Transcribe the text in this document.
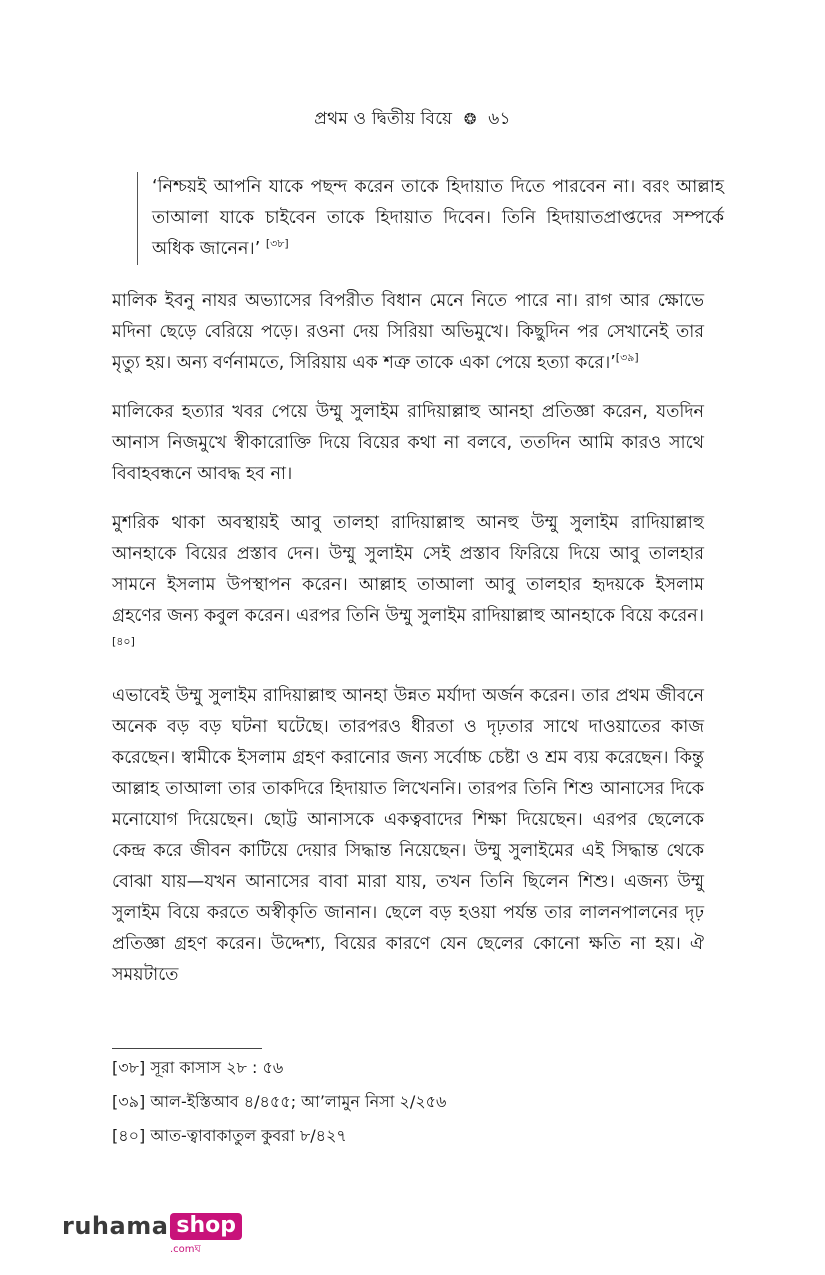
প্রথম ও দ্বিতীয় বিয়ে ❂ ৬১
‘নিশ্চয়ই আপনি যাকে পছন্দ করেন তাকে হিদায়াত দিতে পারবেন না। বরং আল্লাহ তাআলা যাকে চাইবেন তাকে হিদায়াত দিবেন। তিনি হিদায়াতপ্রাপ্তদের সম্পর্কে অধিক জানেন।’ [৩৮]

মালিক ইবনু নাযর অভ্যাসের বিপরীত বিধান মেনে নিতে পারে না। রাগ আর ক্ষোভে মদিনা ছেড়ে বেরিয়ে পড়ে। রওনা দেয় সিরিয়া অভিমুখে। কিছুদিন পর সেখানেই তার মৃত্যু হয়। অন্য বর্ণনামতে, সিরিয়ায় এক শত্রু তাকে একা পেয়ে হত্যা করে।’[৩৯]

মালিকের হত্যার খবর পেয়ে উম্মু সুলাইম রাদিয়াল্লাহু আনহা প্রতিজ্ঞা করেন, যতদিন আনাস নিজমুখে স্বীকারোক্তি দিয়ে বিয়ের কথা না বলবে, ততদিন আমি কারও সাথে বিবাহবন্ধনে আবদ্ধ হব না।

মুশরিক থাকা অবস্থায়ই আবু তালহা রাদিয়াল্লাহু আনহু উম্মু সুলাইম রাদিয়াল্লাহু আনহাকে বিয়ের প্রস্তাব দেন। উম্মু সুলাইম সেই প্রস্তাব ফিরিয়ে দিয়ে আবু তালহার সামনে ইসলাম উপস্থাপন করেন। আল্লাহ তাআলা আবু তালহার হৃদয়কে ইসলাম গ্রহণের জন্য কবুল করেন। এরপর তিনি উম্মু সুলাইম রাদিয়াল্লাহু আনহাকে বিয়ে করেন।[৪০]

এভাবেই উম্মু সুলাইম রাদিয়াল্লাহু আনহা উন্নত মর্যাদা অর্জন করেন। তার প্রথম জীবনে অনেক বড় বড় ঘটনা ঘটেছে। তারপরও ধীরতা ও দৃঢ়তার সাথে দাওয়াতের কাজ করেছেন। স্বামীকে ইসলাম গ্রহণ করানোর জন্য সর্বোচ্চ চেষ্টা ও শ্রম ব্যয় করেছেন। কিন্তু আল্লাহ তাআলা তার তাকদিরে হিদায়াত লিখেননি। তারপর তিনি শিশু আনাসের দিকে মনোযোগ দিয়েছেন। ছোট্ট আনাসকে একত্ববাদের শিক্ষা দিয়েছেন। এরপর ছেলেকে কেন্দ্র করে জীবন কাটিয়ে দেয়ার সিদ্ধান্ত নিয়েছেন। উম্মু সুলাইমের এই সিদ্ধান্ত থেকে বোঝা যায়—যখন আনাসের বাবা মারা যায়, তখন তিনি ছিলেন শিশু। এজন্য উম্মু সুলাইম বিয়ে করতে অস্বীকৃতি জানান। ছেলে বড় হওয়া পর্যন্ত তার লালনপালনের দৃঢ় প্রতিজ্ঞা গ্রহণ করেন। উদ্দেশ্য, বিয়ের কারণে যেন ছেলের কোনো ক্ষতি না হয়। ঐ সময়টাতে

[৩৮] সূরা কাসাস ২৮ : ৫৬
[৩৯] আল-ইস্তিআব ৪/৪৫৫; আ’লামুন নিসা ২/২৫৬
[৪০] আত-ত্বাবাকাতুল কুবরা ৮/৪২৭
ruhama shop
.comঘ
